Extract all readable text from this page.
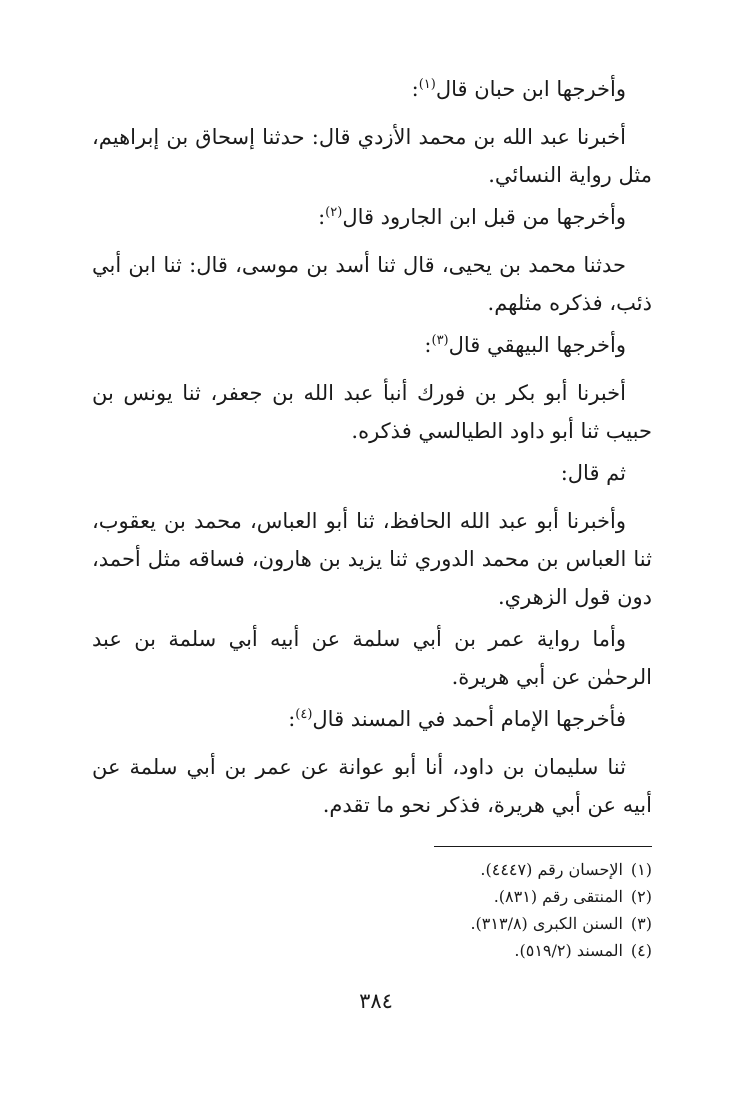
وأخرجها ابن حبان قال$^{(١)}$:

أخبرنا عبد الله بن محمد الأزدي قال: حدثنا إسحاق بن إبراهيم، مثل رواية النسائي.

وأخرجها من قبل ابن الجارود قال$^{(٢)}$:

حدثنا محمد بن يحيى، قال ثنا أسد بن موسى، قال: ثنا ابن أبي ذئب، فذكره مثلهم.

وأخرجها البيهقي قال$^{(٣)}$:

أخبرنا أبو بكر بن فورك أنبأ عبد الله بن جعفر، ثنا يونس بن حبيب ثنا أبو داود الطيالسي فذكره.

ثم قال:

وأخبرنا أبو عبد الله الحافظ، ثنا أبو العباس، محمد بن يعقوب، ثنا العباس بن محمد الدوري ثنا يزيد بن هارون، فساقه مثل أحمد، دون قول الزهري.

وأما رواية عمر بن أبي سلمة عن أبيه أبي سلمة بن عبد الرحمٰن عن أبي هريرة.

فأخرجها الإمام أحمد في المسند قال$^{(٤)}$:

ثنا سليمان بن داود، أنا أبو عوانة عن عمر بن أبي سلمة عن أبيه عن أبي هريرة، فذكر نحو ما تقدم.

(١)الإحسان رقم (٤٤٤٧).
(٢)المنتقى رقم (٨٣١).
(٣)السنن الكبرى (٣١٣/٨).
(٤)المسند (٥١٩/٢).
٣٨٤
